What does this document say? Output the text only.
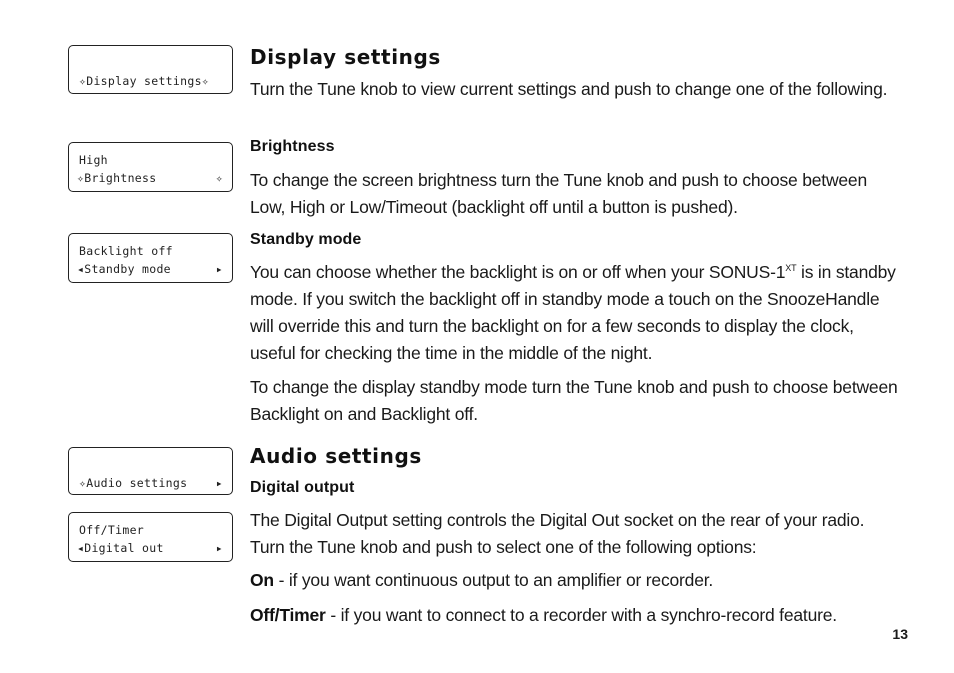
✧Display settings✧
High
✧Brightness	✧
Backlight off
◂Standby mode	▸
✧Audio settings ▸
Off/Timer
◂Digital out	▸
Display settings
Turn the Tune knob to view current settings and push to change one of the following.
Brightness
To change the screen brightness turn the Tune knob and push to choose between Low, High or Low/Timeout (backlight off until a button is pushed).
Standby mode
You can choose whether the backlight is on or off when your SONUS-$1^{XT}$ is in standby mode. If you switch the backlight off in standby mode a touch on the SnoozeHandle will override this and turn the backlight on for a few seconds to display the clock, useful for checking the time in the middle of the night.
To change the display standby mode turn the Tune knob and push to choose between Backlight on and Backlight off.
Audio settings
Digital output
The Digital Output setting controls the Digital Out socket on the rear of your radio. Turn the Tune knob and push to select one of the following options:
On - if you want continuous output to an amplifier or recorder.
Off/Timer - if you want to connect to a recorder with a synchro-record feature.
13
